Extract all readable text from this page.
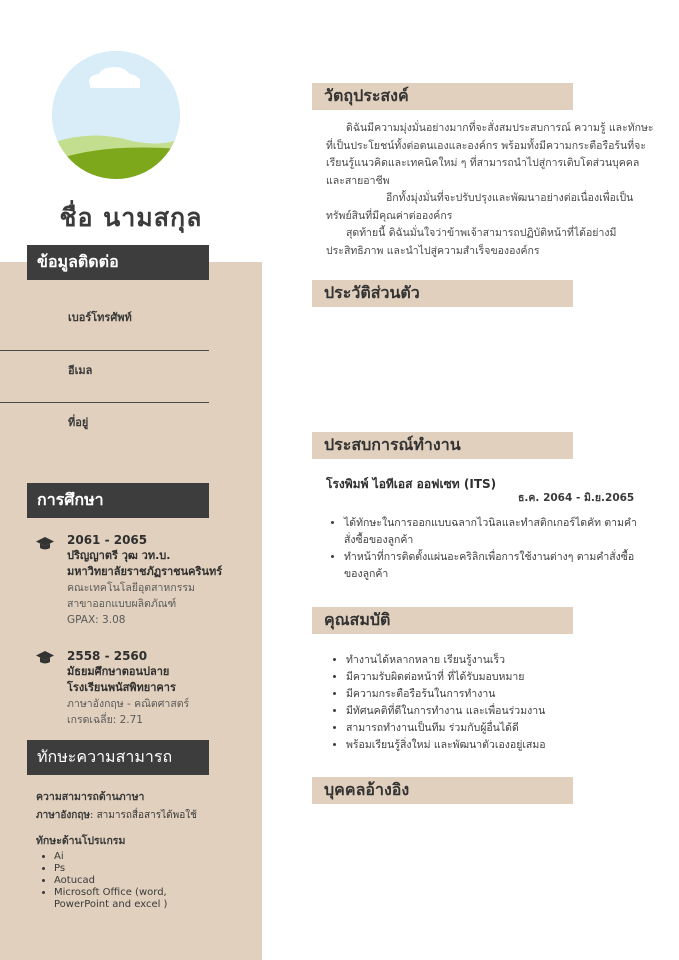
ชื่อ นามสกุล
ข้อมูลติดต่อ
เบอร์โทรศัพท์
อีเมล
ที่อยู่
การศึกษา
2061 - 2065
ปริญญาตรี วุฒ วท.บ.
มหาวิทยาลัยราชภัฏราชนครินทร์
คณะเทคโนโลยีอุตสาหกรรม
สาขาออกแบบผลิตภัณฑ์
GPAX: 3.08
2558 - 2560
มัธยมศึกษาตอนปลาย
โรงเรียนพนัสพิทยาคาร
ภาษาอังกฤษ - คณิตศาสตร์
เกรดเฉลี่ย: 2.71
ทักษะความสามารถ
ความสามารถด้านภาษา
ภาษาอังกฤษ: สามารถสื่อสารได้พอใช้
ทักษะด้านโปรแกรม
• Ai
• Ps
• Aotucad
• Microsoft Office (word,
PowerPoint and excel )
วัตถุประสงค์

ดิฉันมีความมุ่งมั่นอย่างมากที่จะสั่งสมประสบการณ์ ความรู้ และทักษะที่เป็นประโยชน์ทั้งต่อตนเองและองค์กร พร้อมทั้งมีความกระตือรือร้นที่จะเรียนรู้แนวคิดและเทคนิคใหม่ ๆ ที่สามารถนำไปสู่การเติบโตส่วนบุคคลและสายอาชีพ

อีกทั้งมุ่งมั่นที่จะปรับปรุงและพัฒนาอย่างต่อเนื่องเพื่อเป็นทรัพย์สินที่มีคุณค่าต่อองค์กร

สุดท้ายนี้ ดิฉันมั่นใจว่าข้าพเจ้าสามารถปฏิบัติหน้าที่ได้อย่างมีประสิทธิภาพ และนำไปสู่ความสำเร็จขององค์กร

ประวัติส่วนตัว
ประสบการณ์ทำงาน
โรงพิมพ์ ไอทีเอส ออฟเซท (ITS)
ธ.ค. 2064 - มิ.ย.2065
• ได้ทักษะในการออกแบบฉลากไวนิลและทำสติกเกอร์ไดคัท ตามคำสั่งซื้อของลูกค้า
• ทำหน้าที่การติดตั้งแผ่นอะคริลิกเพื่อการใช้งานต่างๆ ตามคำสั่งซื้อของลูกค้า
คุณสมบัติ
• ทำงานได้หลากหลาย เรียนรู้งานเร็ว
• มีความรับผิดต่อหน้าที่ ที่ได้รับมอบหมาย
• มีความกระตือรือร้นในการทำงาน
• มีทัศนคติที่ดีในการทำงาน และเพื่อนร่วมงาน
• สามารถทำงานเป็นทีม ร่วมกับผู้อื่นได้ดี
• พร้อมเรียนรู้สิ่งใหม่ และพัฒนาตัวเองอยู่เสมอ
บุคคลอ้างอิง
